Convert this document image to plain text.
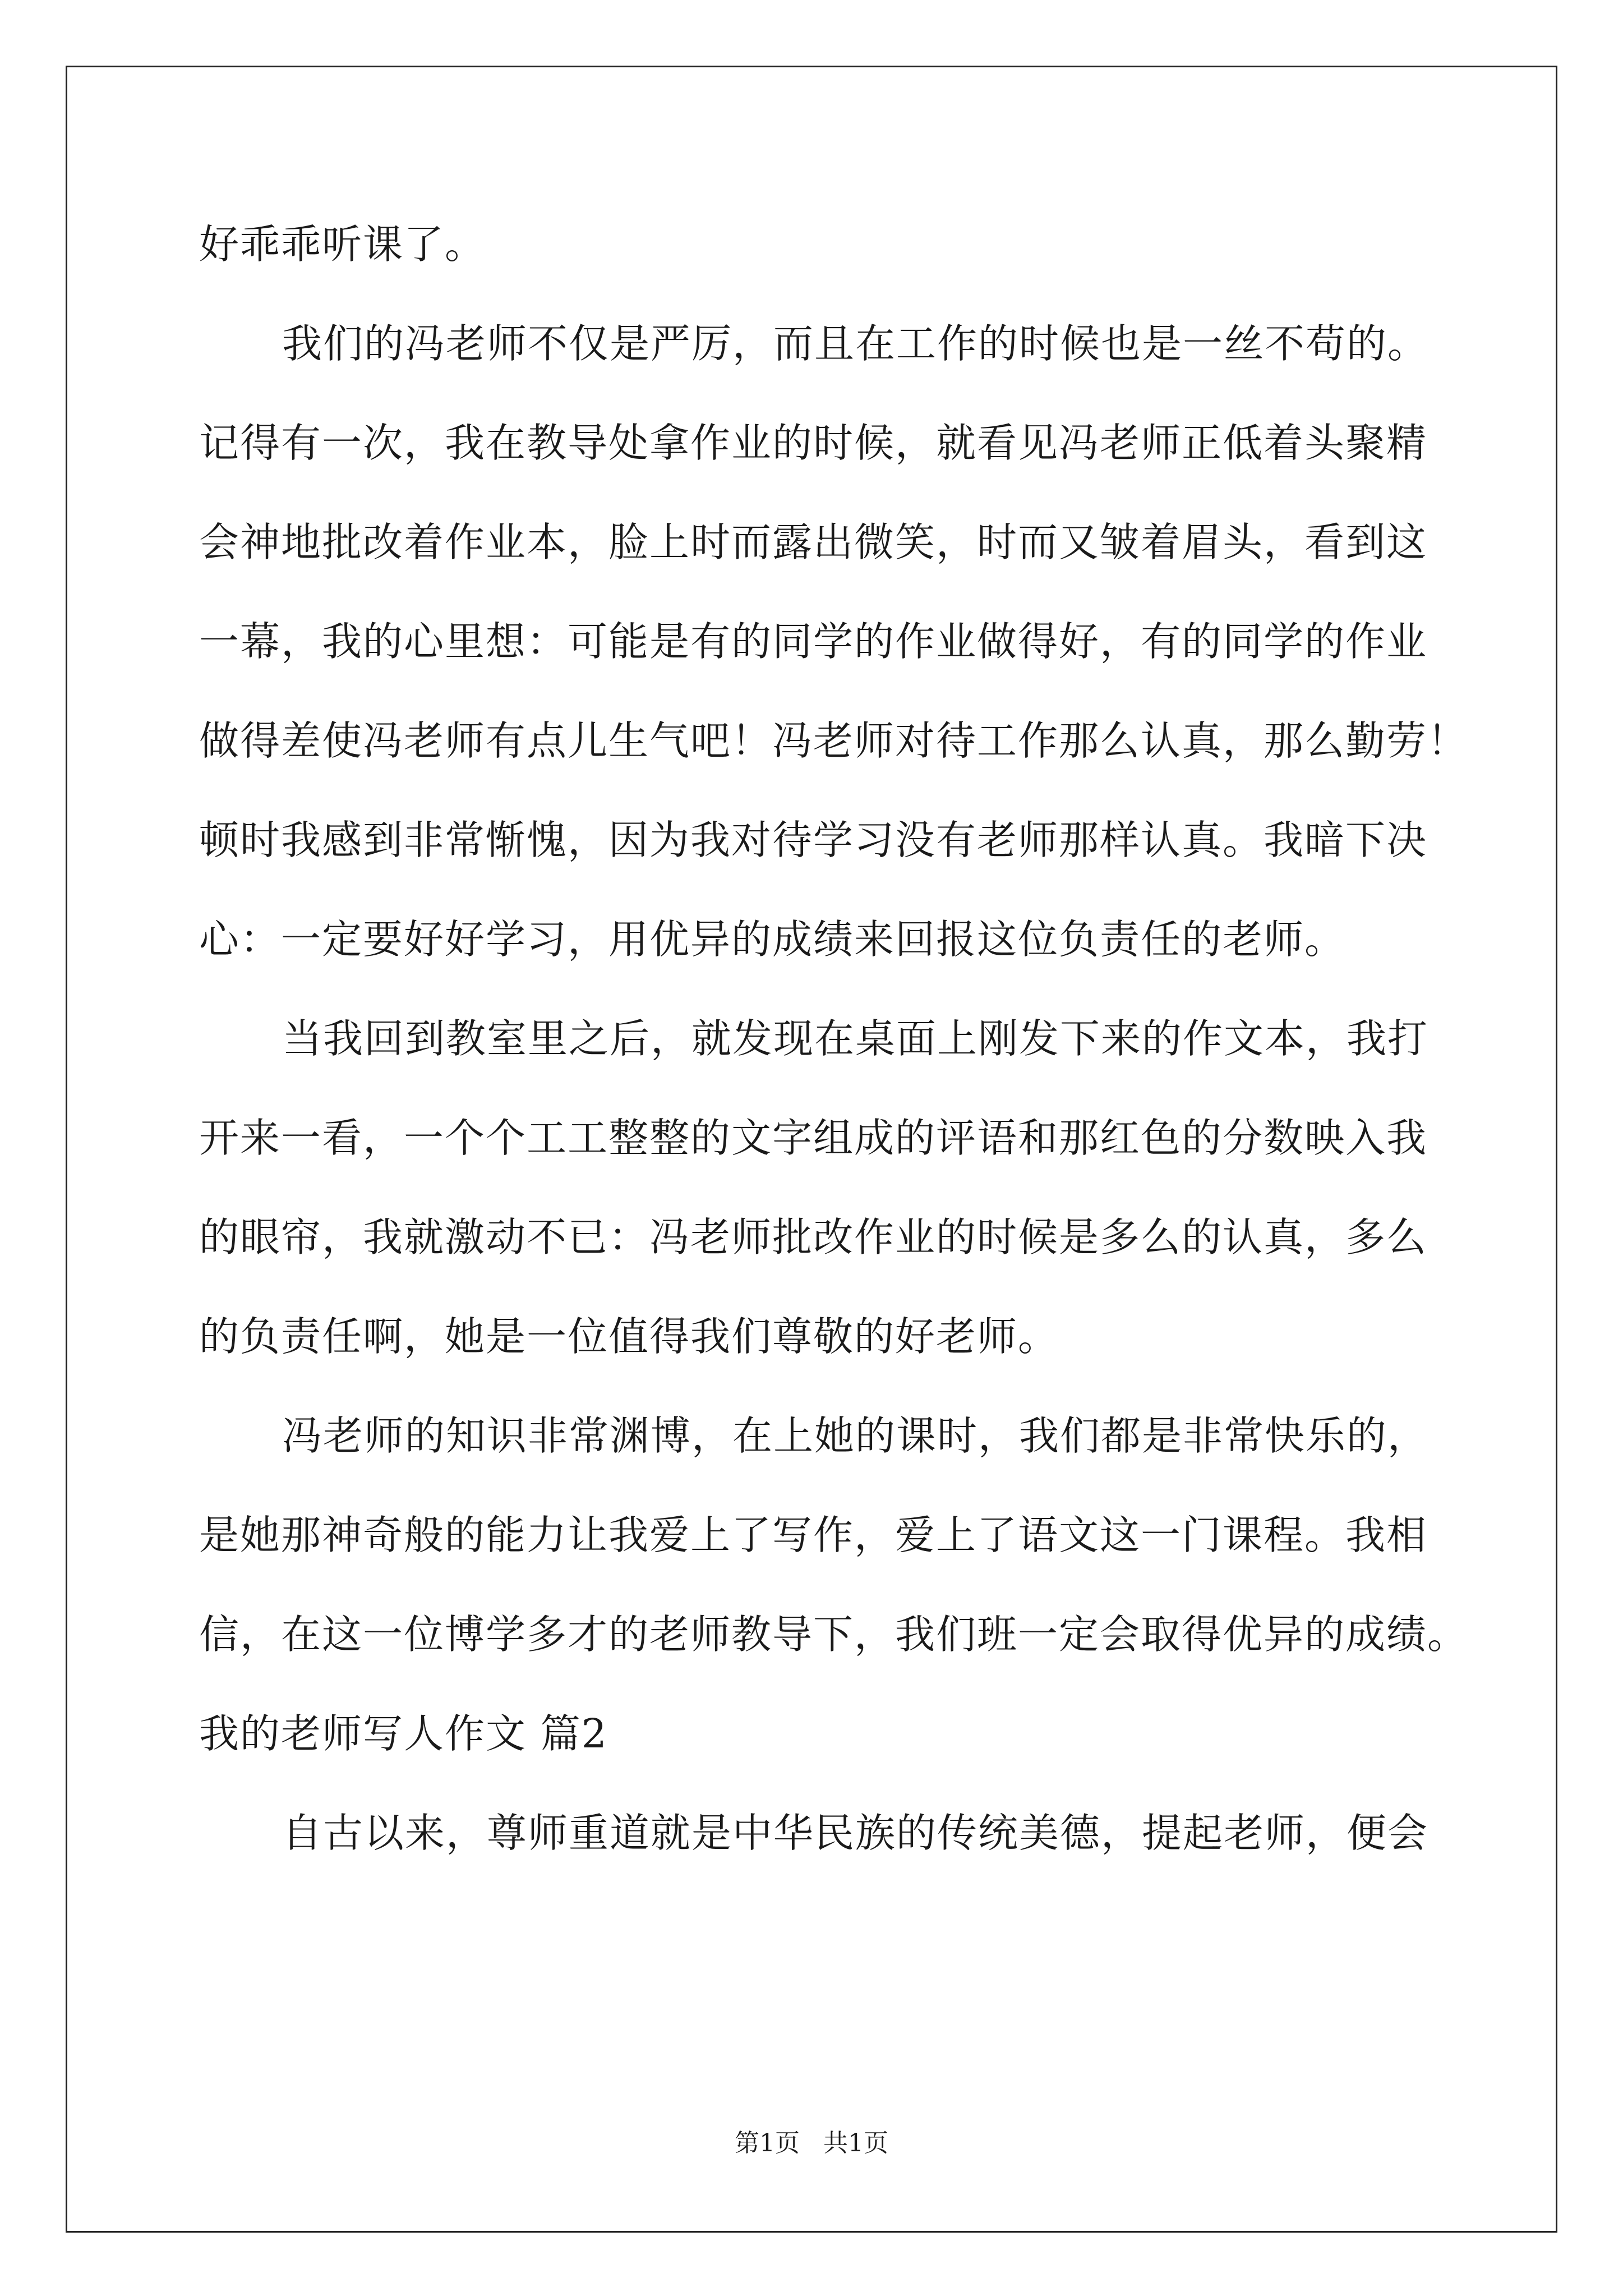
好乖乖听课了。
我们的冯老师不仅是严厉，而且在工作的时候也是一丝不苟的。
记得有一次，我在教导处拿作业的时候，就看见冯老师正低着头聚精
会神地批改着作业本，脸上时而露出微笑，时而又皱着眉头，看到这
一幕，我的心里想：可能是有的同学的作业做得好，有的同学的作业
做得差使冯老师有点儿生气吧！冯老师对待工作那么认真，那么勤劳！
顿时我感到非常惭愧，因为我对待学习没有老师那样认真。我暗下决
心：一定要好好学习，用优异的成绩来回报这位负责任的老师。
当我回到教室里之后，就发现在桌面上刚发下来的作文本，我打
开来一看，一个个工工整整的文字组成的评语和那红色的分数映入我
的眼帘，我就激动不已：冯老师批改作业的时候是多么的认真，多么
的负责任啊，她是一位值得我们尊敬的好老师。
冯老师的知识非常渊博，在上她的课时，我们都是非常快乐的，
是她那神奇般的能力让我爱上了写作，爱上了语文这一门课程。我相
信，在这一位博学多才的老师教导下，我们班一定会取得优异的成绩。
我的老师写人作文 篇2
自古以来，尊师重道就是中华民族的传统美德，提起老师，便会
第1页   共1页
